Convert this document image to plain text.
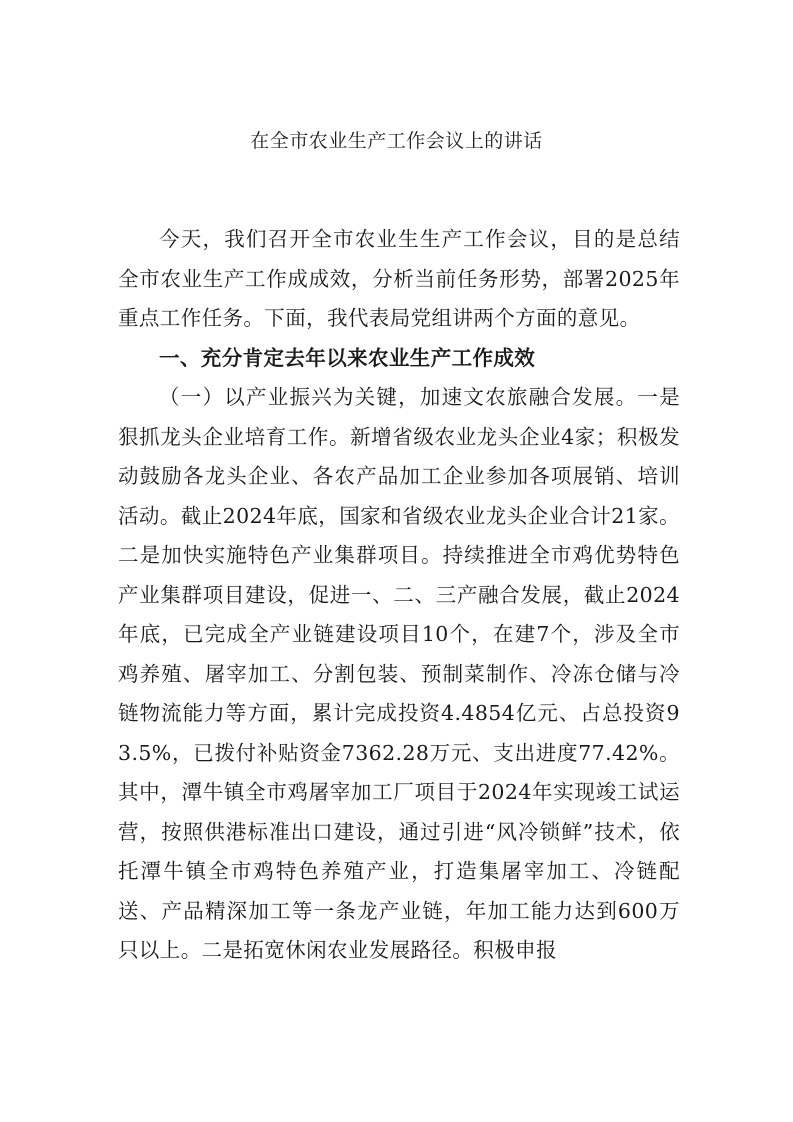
在全市农业生产工作会议上的讲话

今天，我们召开全市农业生生产工作会议，目的是总结全市农业生产工作成成效，分析当前任务形势，部署2025年重点工作任务。下面，我代表局党组讲两个方面的意见。

一、充分肯定去年以来农业生产工作成效

（一）以产业振兴为关键，加速文农旅融合发展。一是狠抓龙头企业培育工作。新增省级农业龙头企业4家；积极发动鼓励各龙头企业、各农产品加工企业参加各项展销、培训活动。截止2024年底，国家和省级农业龙头企业合计21家。二是加快实施特色产业集群项目。持续推进全市鸡优势特色产业集群项目建设，促进一、二、三产融合发展，截止2024年底，已完成全产业链建设项目10个，在建7个，涉及全市鸡养殖、屠宰加工、分割包装、预制菜制作、冷冻仓储与冷链物流能力等方面，累计完成投资4.4854亿元、占总投资93.5%，已拨付补贴资金7362.28万元、支出进度77.42%。其中，潭牛镇全市鸡屠宰加工厂项目于2024年实现竣工试运营，按照供港标准出口建设，通过引进“风冷锁鲜”技术，依托潭牛镇全市鸡特色养殖产业，打造集屠宰加工、冷链配送、产品精深加工等一条龙产业链，年加工能力达到600万只以上。二是拓宽休闲农业发展路径。积极申报
